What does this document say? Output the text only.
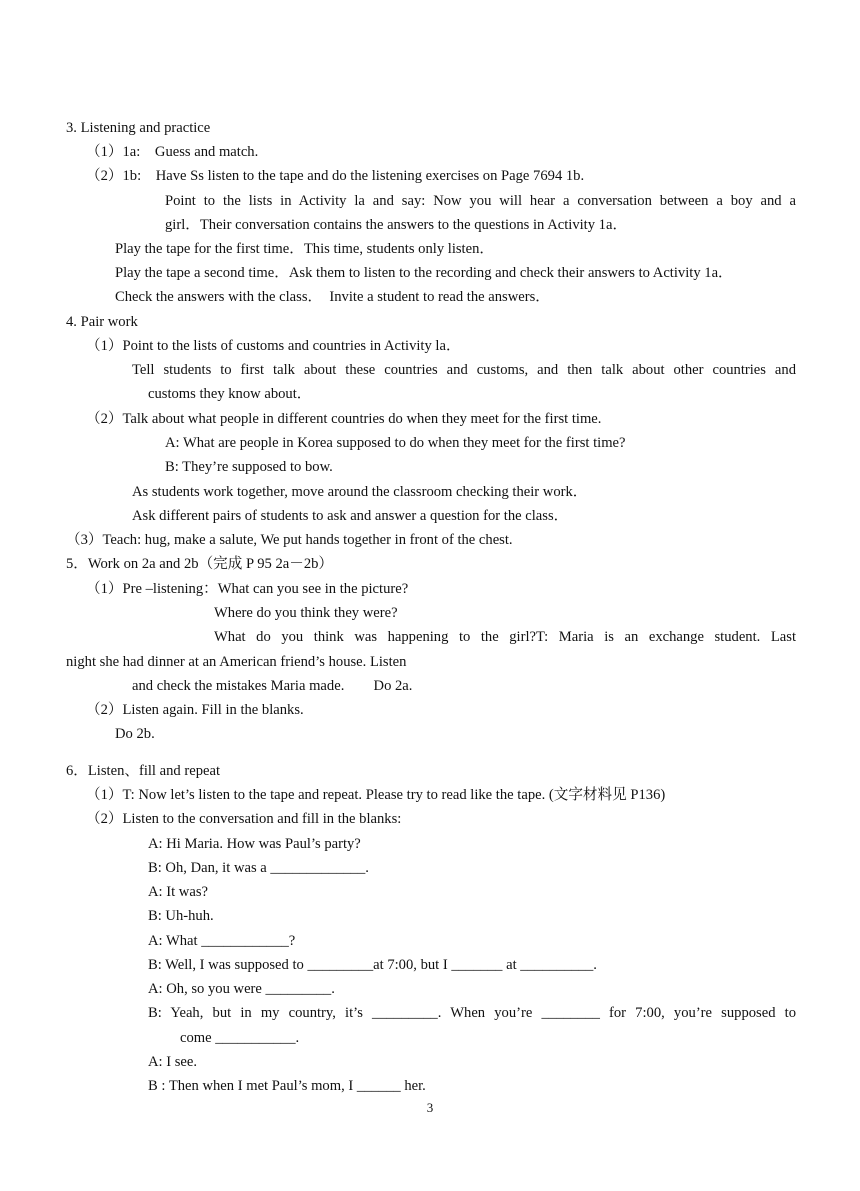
3. Listening and practice
（1）1a:　Guess and match.
（2）1b:　Have Ss listen to the tape and do the listening exercises on Page 7694 1b.
Point to the lists in Activity la and say: Now you will hear a conversation between a boy and a
girl．Their conversation contains the answers to the questions in Activity 1a．
Play the tape for the first time．This time, students only listen．
Play the tape a second time．Ask them to listen to the recording and check their answers to Activity 1a．
Check the answers with the class．　Invite a student to read the answers．
4. Pair work
（1）Point to the lists of customs and countries in Activity la．
Tell students to first talk about these countries and customs, and then talk about other countries and
customs they know about．
（2）Talk about what people in different countries do when they meet for the first time.
A: What are people in Korea supposed to do when they meet for the first time?
B: They’re supposed to bow.
As students work together, move around the classroom checking their work．
Ask different pairs of students to ask and answer a question for the class．
（3）Teach: hug, make a salute, We put hands together in front of the chest.
5．Work on 2a and 2b（完成 P 95 2a－2b）
（1）Pre –listening：What can you see in the picture?
Where do you think they were?
What do you think was happening to the girl?T: Maria is an exchange student. Last
night she had dinner at an American friend’s house. Listen
and check the mistakes Maria made.　　Do 2a.
（2）Listen again. Fill in the blanks.
Do 2b.
6．Listen、fill and repeat
（1）T: Now let’s listen to the tape and repeat. Please try to read like the tape. (文字材料见 P136)
（2）Listen to the conversation and fill in the blanks:
A: Hi Maria. How was Paul’s party?
B: Oh, Dan, it was a _____________.
A: It was?
B: Uh-huh.
A: What ____________?
B: Well, I was supposed to _________at 7:00, but I _______ at __________.
A: Oh, so you were _________.
B: Yeah, but in my country, it’s _________. When you’re ________ for 7:00, you’re supposed to
come ___________.
A: I see.
B : Then when I met Paul’s mom, I ______ her.
3
